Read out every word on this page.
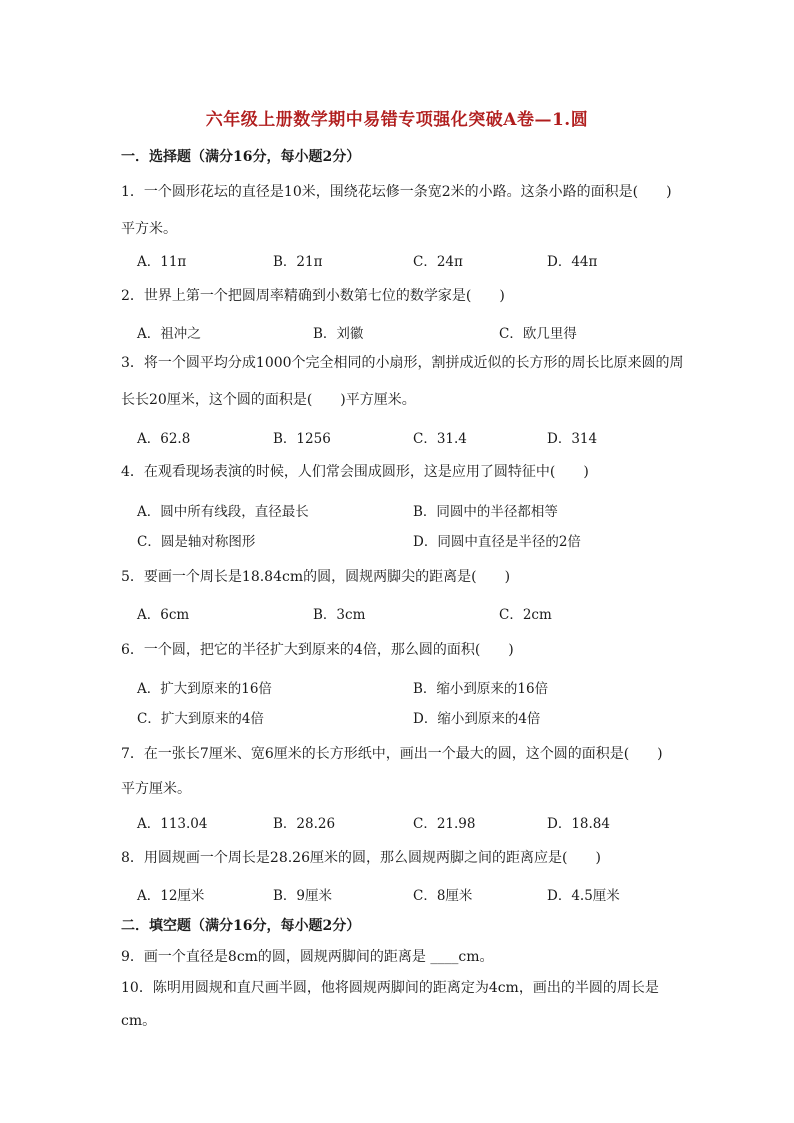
六年级上册数学期中易错专项强化突破A卷—1.圆
一．选择题（满分16分，每小题2分）
1．一个圆形花坛的直径是10米，围绕花坛修一条宽2米的小路。这条小路的面积是(　　)
平方米。
A．11π	B．21π	C．24π	D．44π
2．世界上第一个把圆周率精确到小数第七位的数学家是(　　)
A．祖冲之	B．刘徽	C．欧几里得
3．将一个圆平均分成1000个完全相同的小扇形，割拼成近似的长方形的周长比原来圆的周
长长20厘米，这个圆的面积是(　　)平方厘米。
A．62.8	B．1256	C．31.4	D．314
4．在观看现场表演的时候，人们常会围成圆形，这是应用了圆特征中(　　)
A．圆中所有线段，直径最长	B．同圆中的半径都相等
C．圆是轴对称图形	D．同圆中直径是半径的2倍
5．要画一个周长是18.84cm的圆，圆规两脚尖的距离是(　　)
A．6cm	B．3cm	C．2cm
6．一个圆，把它的半径扩大到原来的4倍，那么圆的面积(　　)
A．扩大到原来的16倍	B．缩小到原来的16倍
C．扩大到原来的4倍	D．缩小到原来的4倍
7．在一张长7厘米、宽6厘米的长方形纸中，画出一个最大的圆，这个圆的面积是(　　)
平方厘米。
A．113.04	B．28.26	C．21.98	D．18.84
8．用圆规画一个周长是28.26厘米的圆，那么圆规两脚之间的距离应是(　　)
A．12厘米	B．9厘米	C．8厘米	D．4.5厘米
二．填空题（满分16分，每小题2分）
9．画一个直径是8cm的圆，圆规两脚间的距离是 ____cm。
10．陈明用圆规和直尺画半圆，他将圆规两脚间的距离定为4cm，画出的半圆的周长是
cm。
